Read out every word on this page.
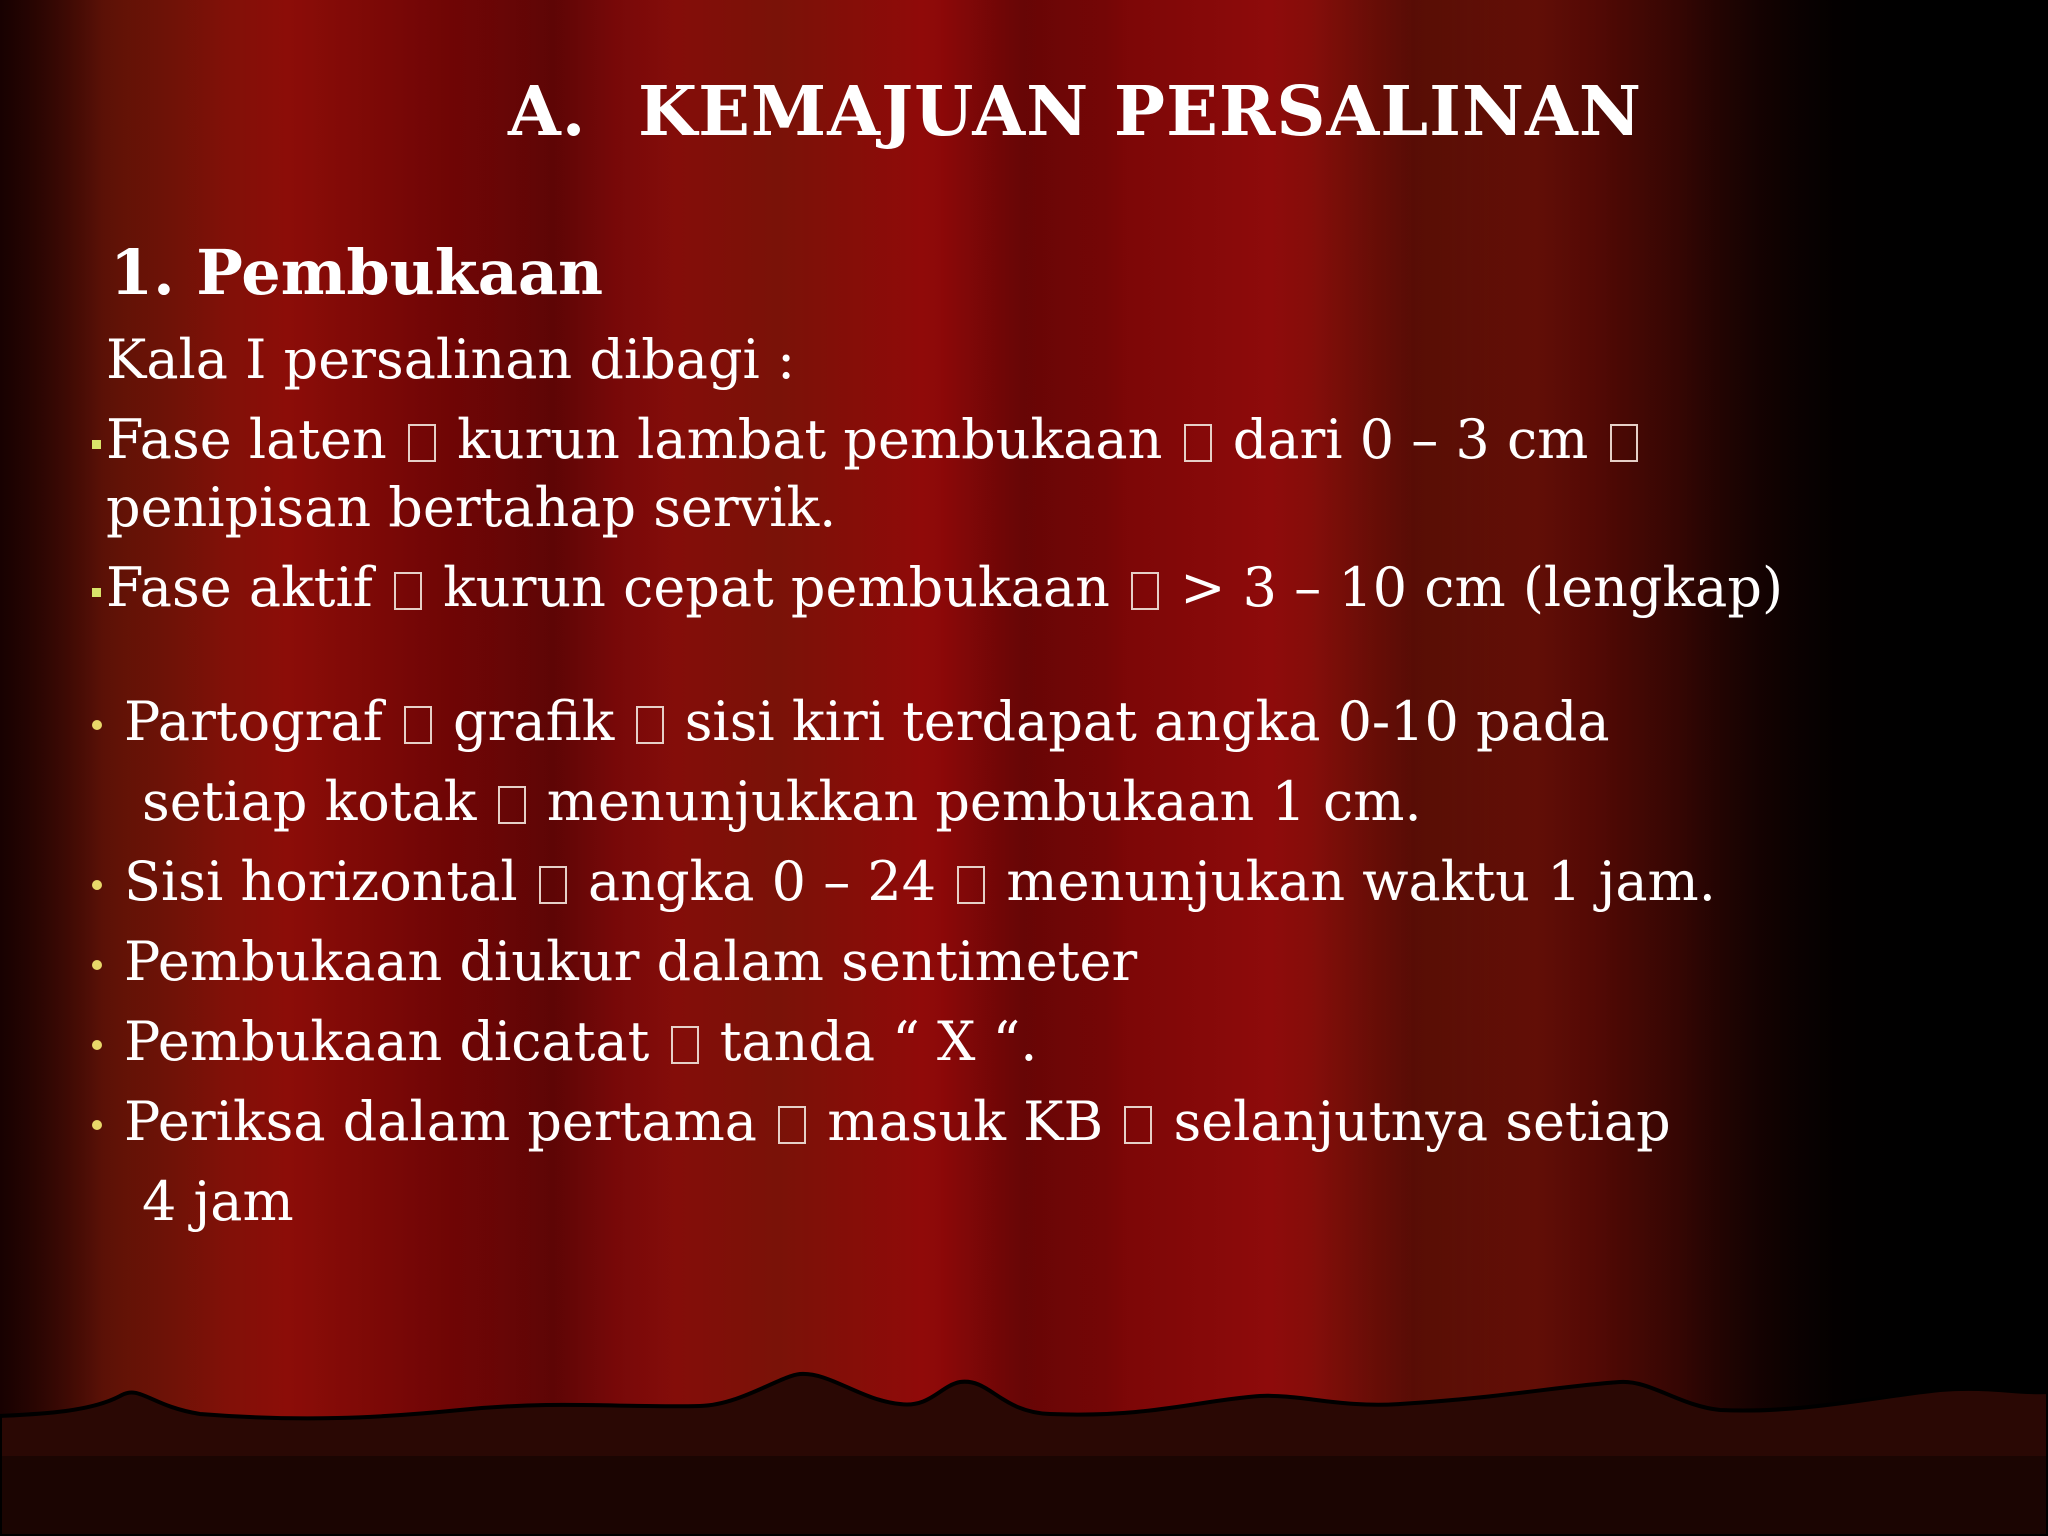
A. KEMAJUAN PERSALINAN
1. Pembukaan

Kala I persalinan dibagi :

Fase laten kurun lambat pembukaan dari 0 – 3 cm

penipisan bertahap servik.

Fase aktif kurun cepat pembukaan > 3 – 10 cm (lengkap)

Partograf grafik sisi kiri terdapat angka 0-10 pada

setiap kotak menunjukkan pembukaan 1 cm.

Sisi horizontal angka 0 – 24 menunjukan waktu 1 jam.

Pembukaan diukur dalam sentimeter

Pembukaan dicatat tanda “ X “.

Periksa dalam pertama masuk KB selanjutnya setiap

4 jam
